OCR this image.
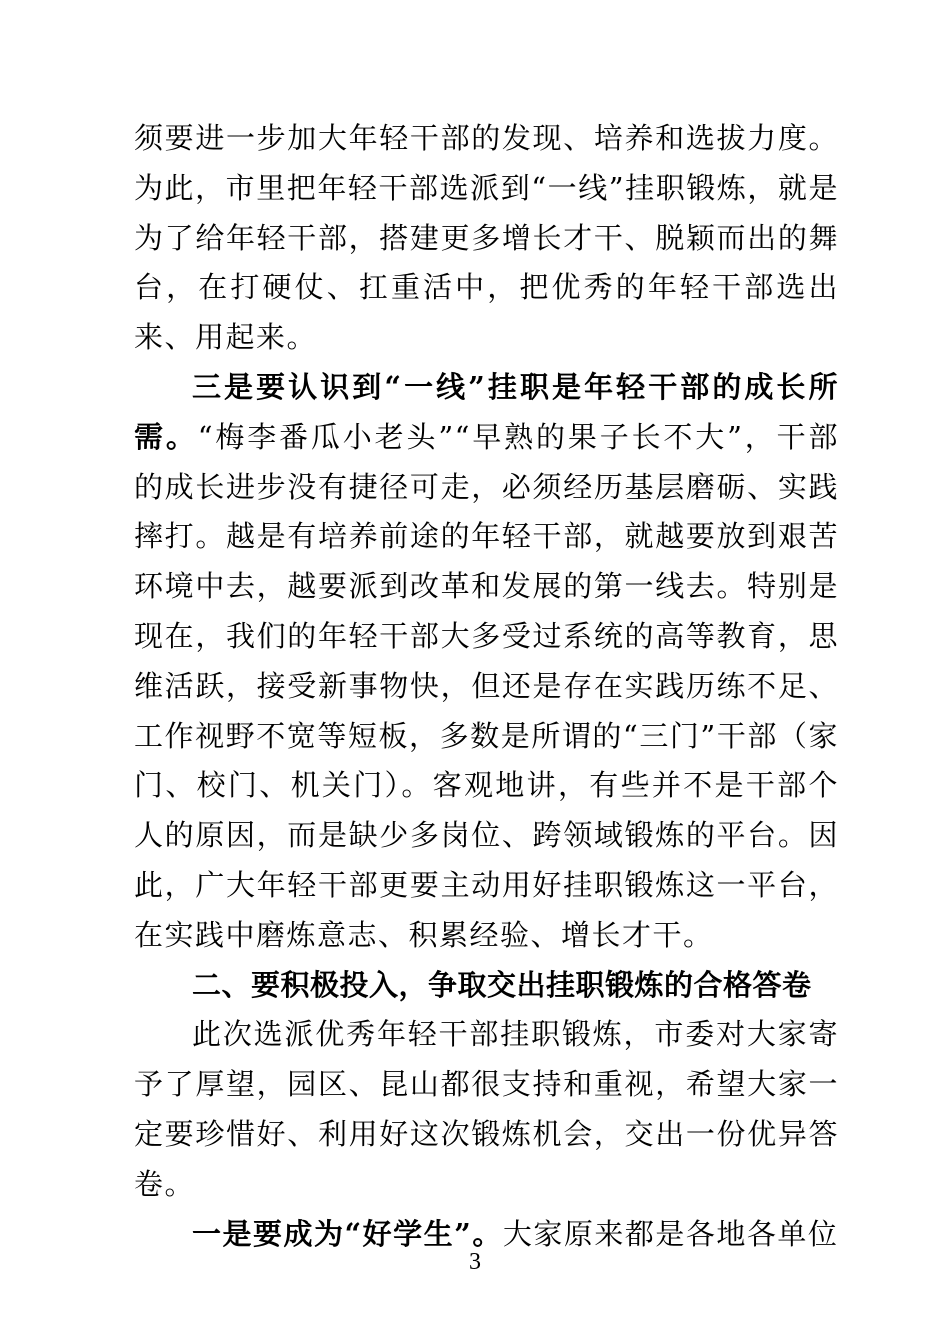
须要进一步加大年轻干部的发现、培养和选拔力度。为此，市里把年轻干部选派到“一线”挂职锻炼，就是为了给年轻干部，搭建更多增长才干、脱颖而出的舞台，在打硬仗、扛重活中，把优秀的年轻干部选出来、用起来。

三是要认识到“一线”挂职是年轻干部的成长所需。“梅李番瓜小老头”“早熟的果子长不大”，干部的成长进步没有捷径可走，必须经历基层磨砺、实践摔打。越是有培养前途的年轻干部，就越要放到艰苦环境中去，越要派到改革和发展的第一线去。特别是现在，我们的年轻干部大多受过系统的高等教育，思维活跃，接受新事物快，但还是存在实践历练不足、工作视野不宽等短板，多数是所谓的“三门”干部（家门、校门、机关门）。客观地讲，有些并不是干部个人的原因，而是缺少多岗位、跨领域锻炼的平台。因此，广大年轻干部更要主动用好挂职锻炼这一平台，在实践中磨炼意志、积累经验、增长才干。

二、要积极投入，争取交出挂职锻炼的合格答卷

此次选派优秀年轻干部挂职锻炼，市委对大家寄予了厚望，园区、昆山都很支持和重视，希望大家一定要珍惜好、利用好这次锻炼机会，交出一份优异答卷。

一是要成为“好学生”。大家原来都是各地各单位

3
